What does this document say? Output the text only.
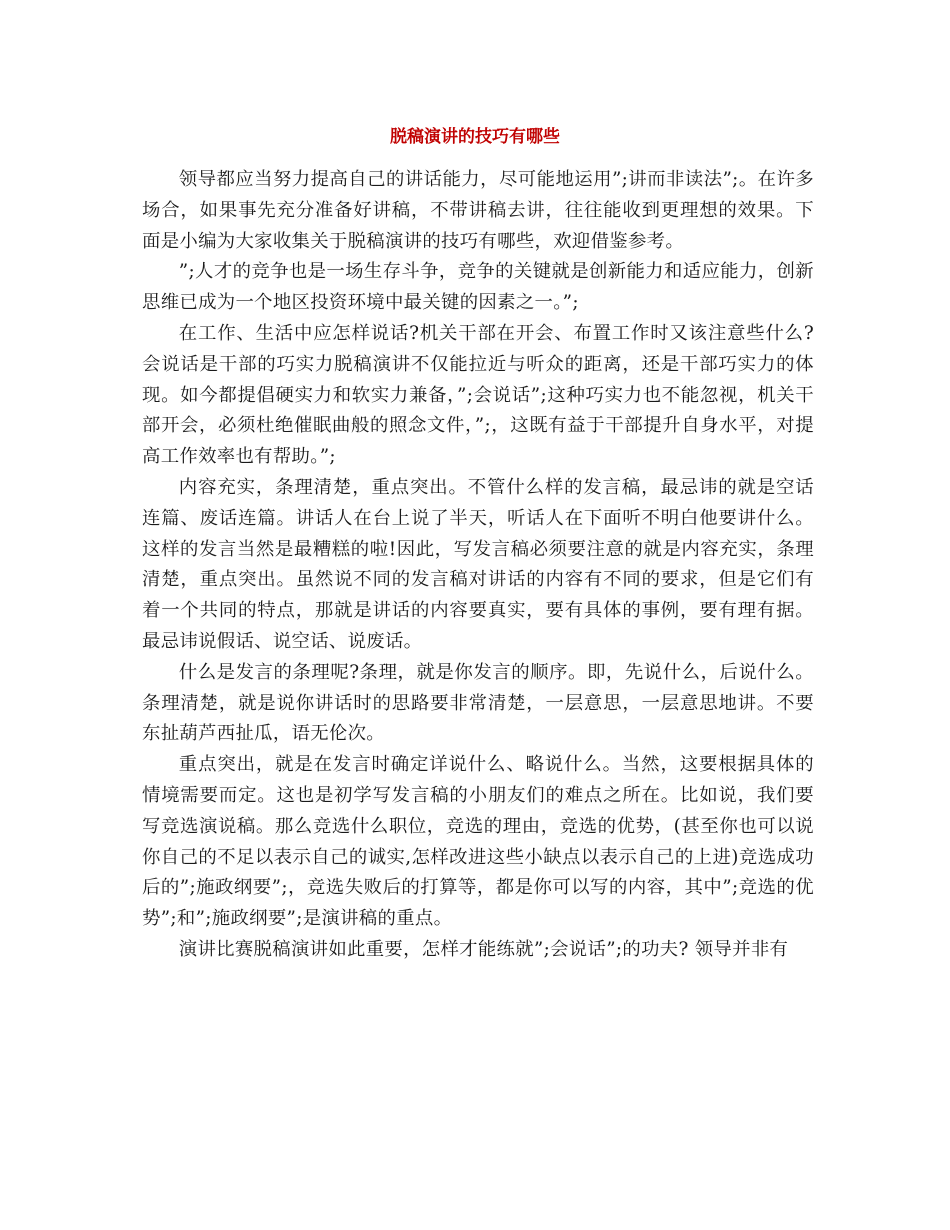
脱稿演讲的技巧有哪些

领导都应当努力提高自己的讲话能力，尽可能地运用”;讲而非读法”;。在许多场合，如果事先充分准备好讲稿，不带讲稿去讲，往往能收到更理想的效果。下面是小编为大家收集关于脱稿演讲的技巧有哪些，欢迎借鉴参考。

”;人才的竞争也是一场生存斗争，竞争的关键就是创新能力和适应能力，创新思维已成为一个地区投资环境中最关键的因素之一。”;

在工作、生活中应怎样说话?机关干部在开会、布置工作时又该注意些什么?会说话是干部的巧实力脱稿演讲不仅能拉近与听众的距离，还是干部巧实力的体现。如今都提倡硬实力和软实力兼备，”;会说话”;这种巧实力也不能忽视，机关干部开会，必须杜绝催眠曲般的照念文件，”;，这既有益于干部提升自身水平，对提高工作效率也有帮助。”;

内容充实，条理清楚，重点突出。不管什么样的发言稿，最忌讳的就是空话连篇、废话连篇。讲话人在台上说了半天，听话人在下面听不明白他要讲什么。这样的发言当然是最糟糕的啦!因此，写发言稿必须要注意的就是内容充实，条理清楚，重点突出。虽然说不同的发言稿对讲话的内容有不同的要求，但是它们有着一个共同的特点，那就是讲话的内容要真实，要有具体的事例，要有理有据。最忌讳说假话、说空话、说废话。

什么是发言的条理呢?条理，就是你发言的顺序。即，先说什么，后说什么。条理清楚，就是说你讲话时的思路要非常清楚，一层意思，一层意思地讲。不要东扯葫芦西扯瓜，语无伦次。

重点突出，就是在发言时确定详说什么、略说什么。当然，这要根据具体的情境需要而定。这也是初学写发言稿的小朋友们的难点之所在。比如说，我们要写竞选演说稿。那么竞选什么职位，竞选的理由，竞选的优势，(甚至你也可以说你自己的不足以表示自己的诚实,怎样改进这些小缺点以表示自己的上进)竞选成功后的”;施政纲要”;，竞选失败后的打算等，都是你可以写的内容，其中”;竞选的优势”;和”;施政纲要”;是演讲稿的重点。

演讲比赛脱稿演讲如此重要，怎样才能练就”;会说话”;的功夫? 领导并非有
